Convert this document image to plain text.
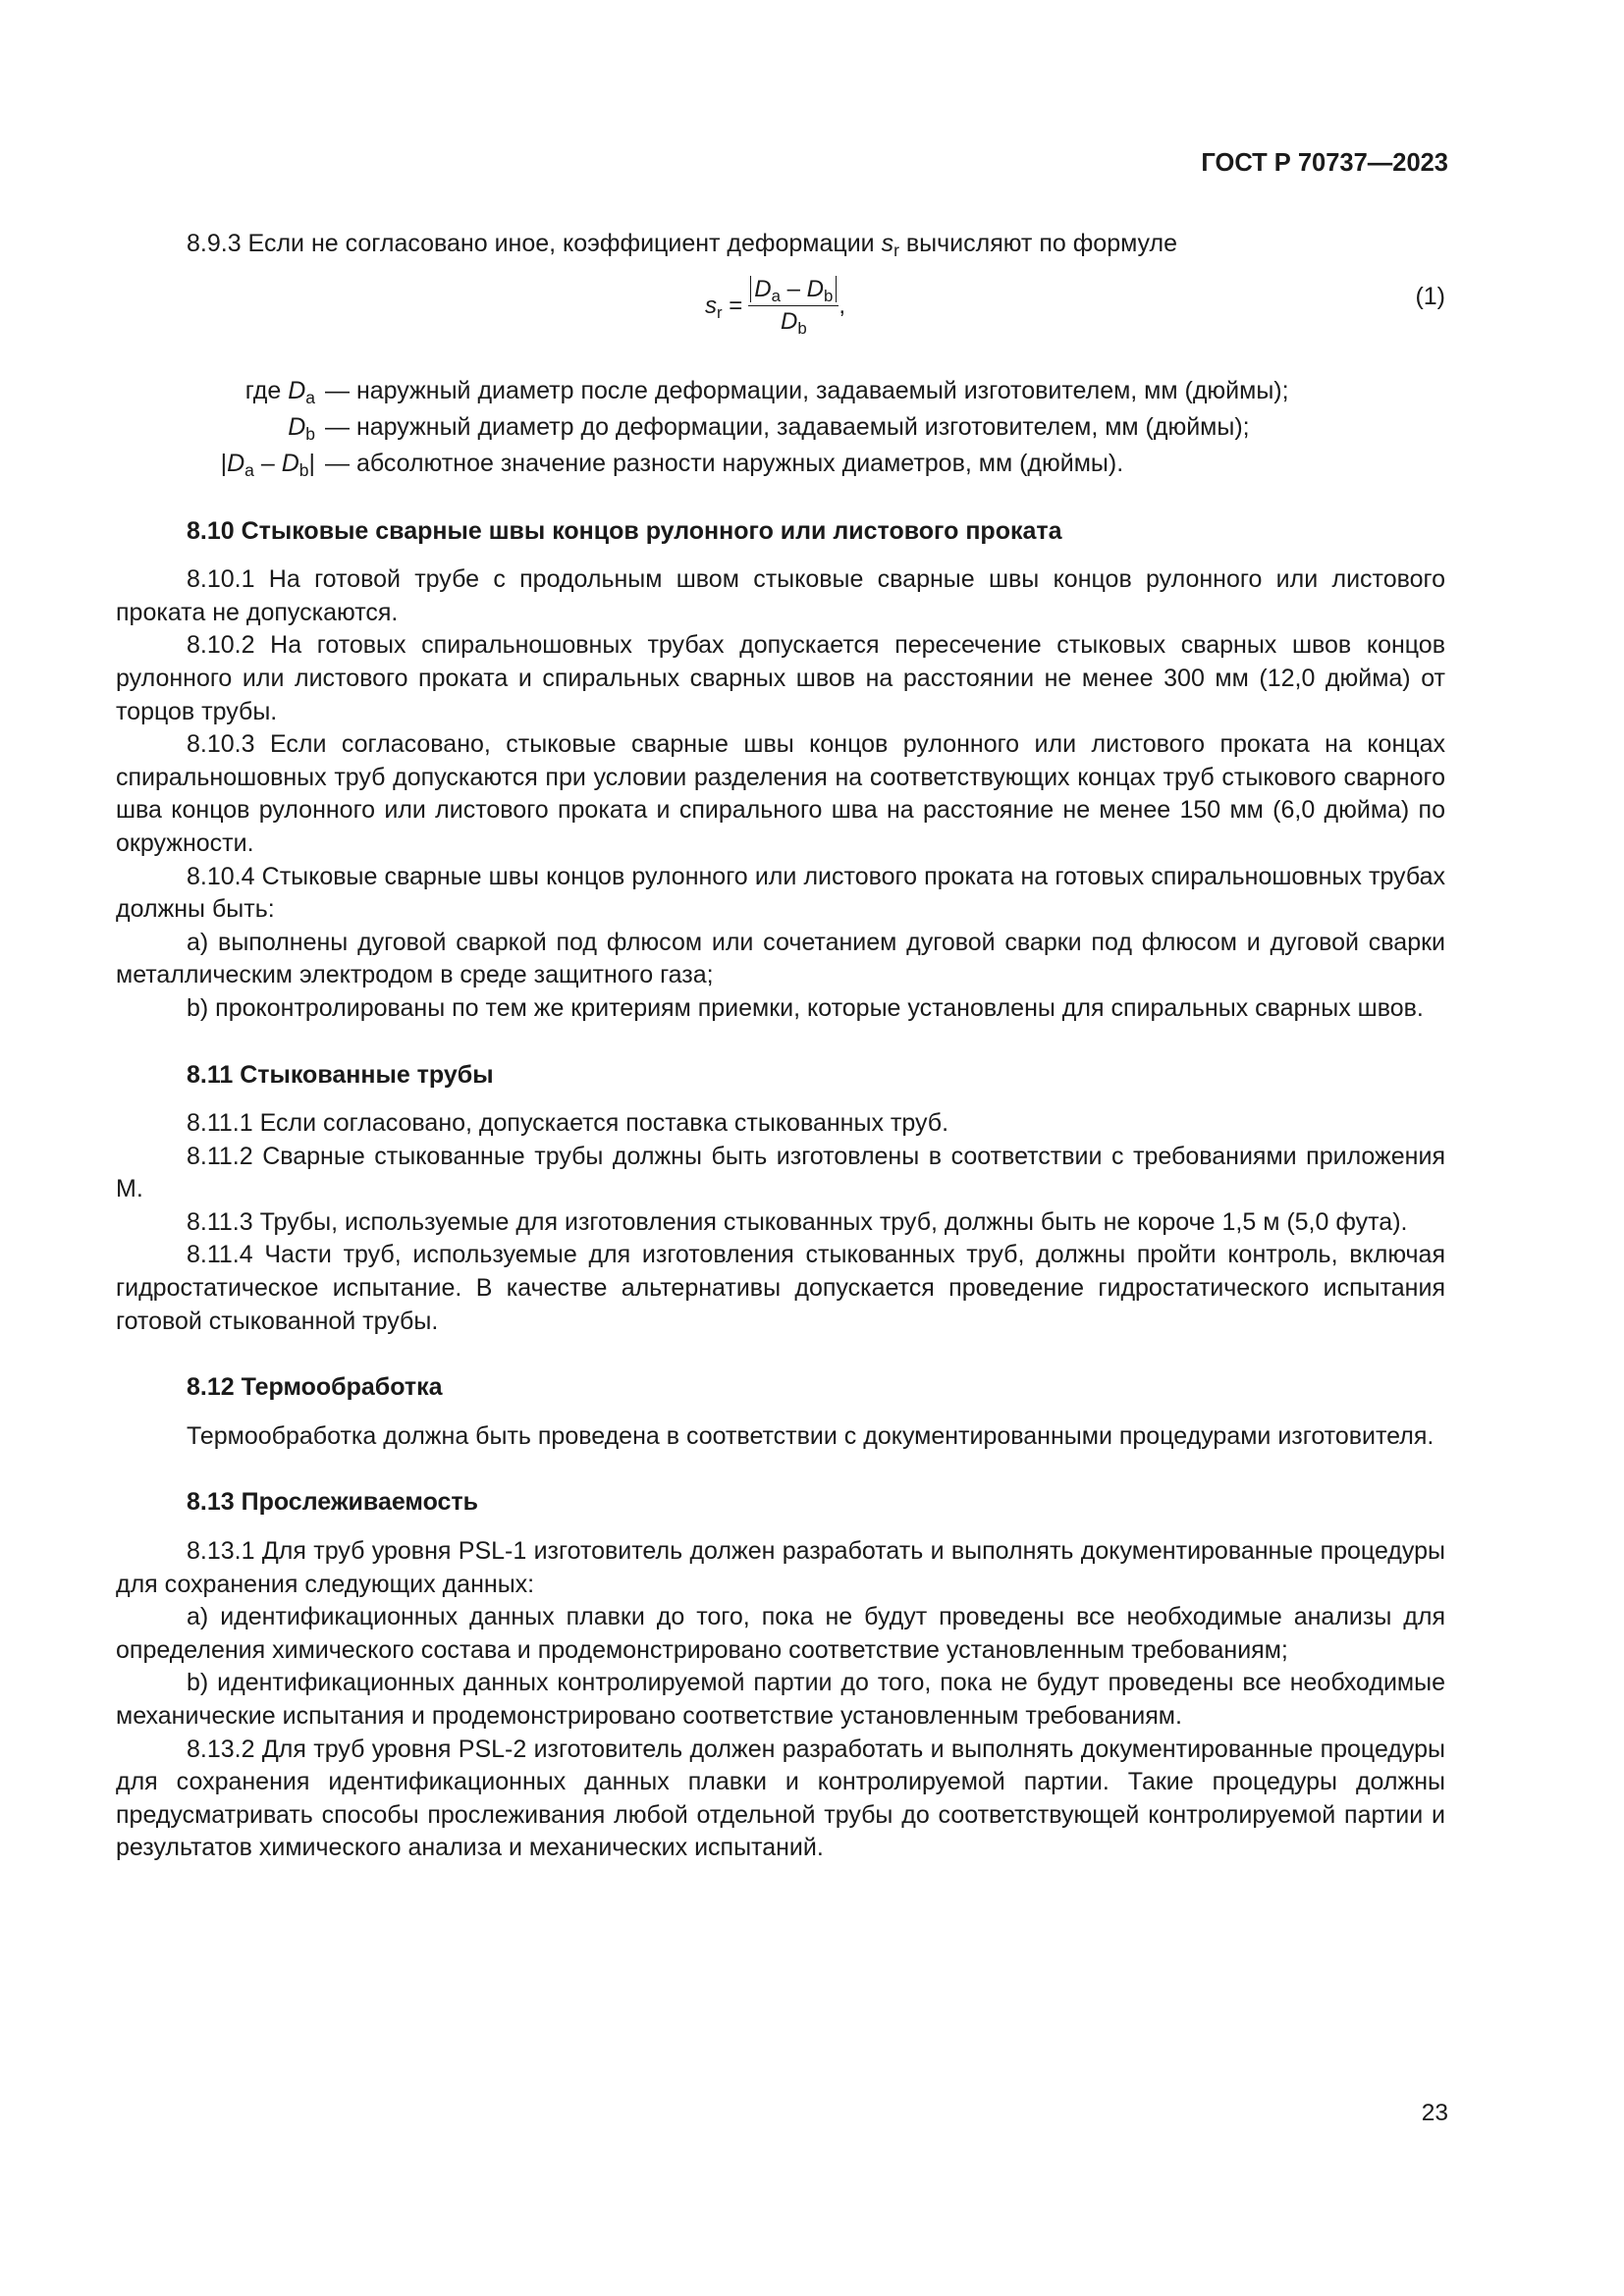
ГОСТ Р 70737—2023

8.9.3 Если не согласовано иное, коэффициент деформации $s_r$ вычисляют по формуле

$s_r = \frac{D_a - D_b}{D_b}$ ,	(1)
где $D_a$ — наружный диаметр после деформации, задаваемый изготовителем, мм (дюймы);
$D_b$ — наружный диаметр до деформации, задаваемый изготовителем, мм (дюймы);
$|D_a - D_b|$ — абсолютное значение разности наружных диаметров, мм (дюймы).
8.10 Стыковые сварные швы концов рулонного или листового проката

8.10.1 На готовой трубе с продольным швом стыковые сварные швы концов рулонного или листового проката не допускаются.

8.10.2 На готовых спиральношовных трубах допускается пересечение стыковых сварных швов концов рулонного или листового проката и спиральных сварных швов на расстоянии не менее 300 мм (12,0 дюйма) от торцов трубы.

8.10.3 Если согласовано, стыковые сварные швы концов рулонного или листового проката на концах спиральношовных труб допускаются при условии разделения на соответствующих концах труб стыкового сварного шва концов рулонного или листового проката и спирального шва на расстояние не менее 150 мм (6,0 дюйма) по окружности.

8.10.4 Стыковые сварные швы концов рулонного или листового проката на готовых спиральношовных трубах должны быть:

а) выполнены дуговой сваркой под флюсом или сочетанием дуговой сварки под флюсом и дуговой сварки металлическим электродом в среде защитного газа;

b) проконтролированы по тем же критериям приемки, которые установлены для спиральных сварных швов.

8.11 Стыкованные трубы

8.11.1 Если согласовано, допускается поставка стыкованных труб.

8.11.2 Сварные стыкованные трубы должны быть изготовлены в соответствии с требованиями приложения М.

8.11.3 Трубы, используемые для изготовления стыкованных труб, должны быть не короче 1,5 м (5,0 фута).

8.11.4 Части труб, используемые для изготовления стыкованных труб, должны пройти контроль, включая гидростатическое испытание. В качестве альтернативы допускается проведение гидростатического испытания готовой стыкованной трубы.

8.12 Термообработка

Термообработка должна быть проведена в соответствии с документированными процедурами изготовителя.

8.13 Прослеживаемость

8.13.1 Для труб уровня PSL-1 изготовитель должен разработать и выполнять документированные процедуры для сохранения следующих данных:

а) идентификационных данных плавки до того, пока не будут проведены все необходимые анализы для определения химического состава и продемонстрировано соответствие установленным требованиям;

b) идентификационных данных контролируемой партии до того, пока не будут проведены все необходимые механические испытания и продемонстрировано соответствие установленным требованиям.

8.13.2 Для труб уровня PSL-2 изготовитель должен разработать и выполнять документированные процедуры для сохранения идентификационных данных плавки и контролируемой партии. Такие процедуры должны предусматривать способы прослеживания любой отдельной трубы до соответствующей контролируемой партии и результатов химического анализа и механических испытаний.

23
